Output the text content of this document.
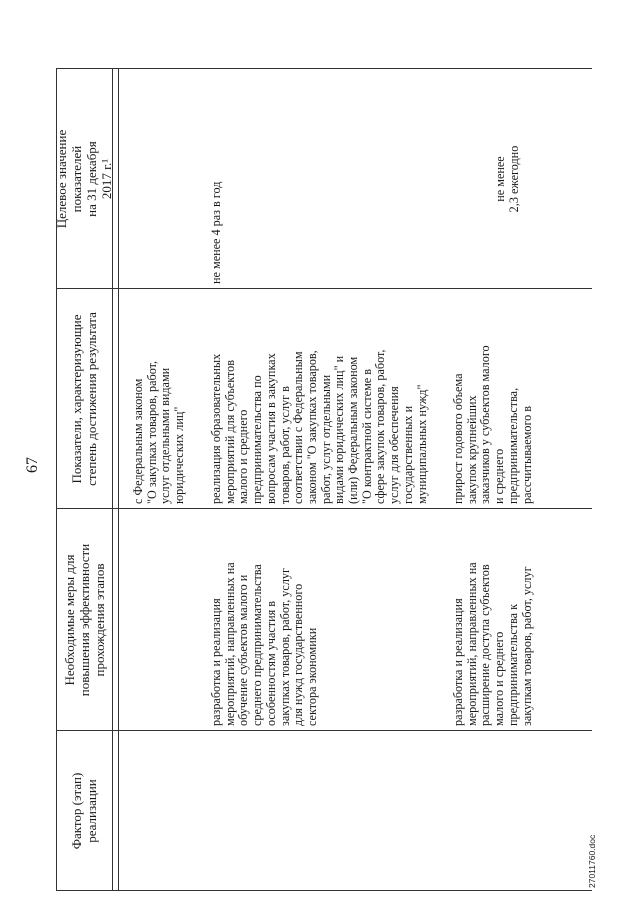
67
Фактор (этап)
реализации
Необходимые меры для
повышения эффективности
прохождения этапов
Показатели, характеризующие
степень достижения результата
Целевое значение
показателей
на 31 декабря
2017 г.¹
с Федеральным законом
"О закупках товаров, работ,
услуг отдельными видами
юридических лиц"
разработка и реализация
мероприятий, направленных на
обучение субъектов малого и
среднего предпринимательства
особенностям участия в
закупках товаров, работ, услуг
для нужд государственного
сектора экономики
реализация образовательных
мероприятий для субъектов
малого и среднего
предпринимательства по
вопросам участия в закупках
товаров, работ, услуг в
соответствии с Федеральным
законом "О закупках товаров,
работ, услуг отдельными
видами юридических лиц" и
(или) Федеральным законом
"О контрактной системе в
сфере закупок товаров, работ,
услуг для обеспечения
государственных и
муниципальных нужд"
не менее 4 раз в год
разработка и реализация
мероприятий, направленных на
расширение доступа субъектов
малого и среднего
предпринимательства к
закупкам товаров, работ, услуг
прирост годового объема
закупок крупнейших
заказчиков у субъектов малого
и среднего
предпринимательства,
рассчитываемого в
не менее
2,3 ежегодно
27011760.doc
